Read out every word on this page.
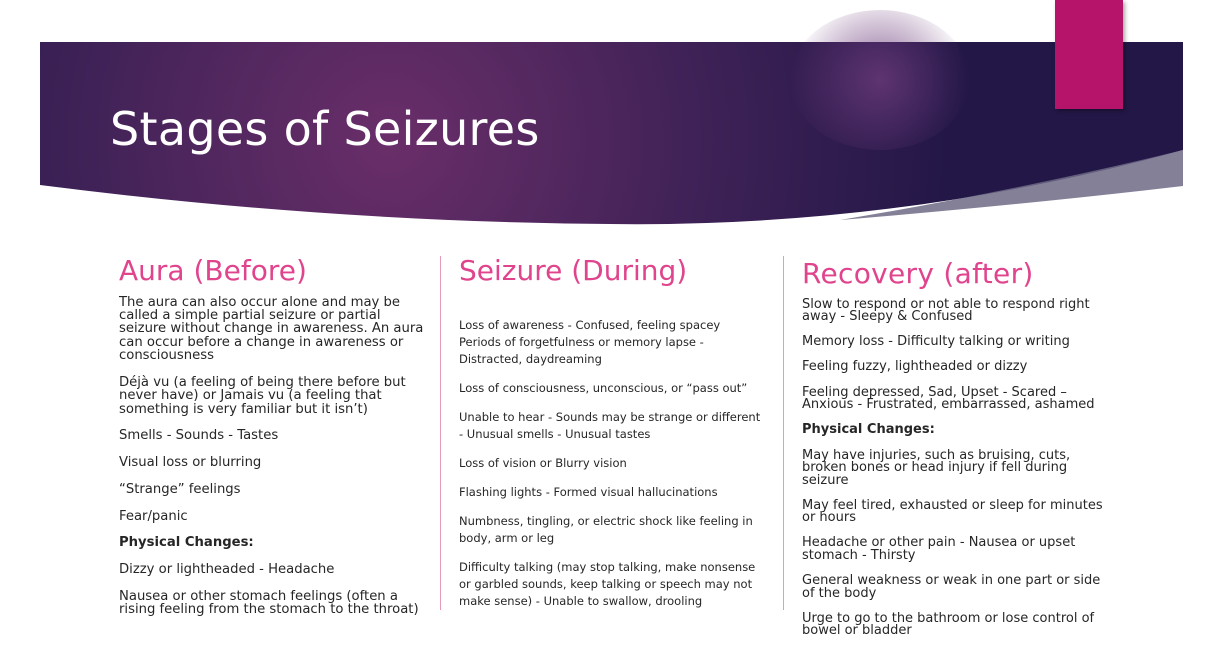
Stages of Seizures
Aura (Before)
The aura can also occur alone and may be called a simple partial seizure or partial seizure without change in awareness. An aura can occur before a change in awareness or consciousness
Déjà vu (a feeling of being there before but never have) or Jamais vu (a feeling that something is very familiar but it isn’t)
Smells - Sounds - Tastes
Visual loss or blurring
“Strange” feelings
Fear/panic
Physical Changes:
Dizzy or lightheaded - Headache
Nausea or other stomach feelings (often a rising feeling from the stomach to the throat)
Seizure (During)
Loss of awareness - Confused, feeling spacey Periods of forgetfulness or memory lapse - Distracted, daydreaming
Loss of consciousness, unconscious, or “pass out”
Unable to hear - Sounds may be strange or different - Unusual smells - Unusual tastes
Loss of vision or Blurry vision
Flashing lights - Formed visual hallucinations
Numbness, tingling, or electric shock like feeling in body, arm or leg
Difficulty talking (may stop talking, make nonsense or garbled sounds, keep talking or speech may not make sense) - Unable to swallow, drooling
Recovery (after)
Slow to respond or not able to respond right away - Sleepy & Confused
Memory loss - Difficulty talking or writing
Feeling fuzzy, lightheaded or dizzy
Feeling depressed, Sad, Upset - Scared – Anxious - Frustrated, embarrassed, ashamed
Physical Changes:
May have injuries, such as bruising, cuts, broken bones or head injury if fell during seizure
May feel tired, exhausted or sleep for minutes or hours
Headache or other pain - Nausea or upset stomach - Thirsty
General weakness or weak in one part or side of the body
Urge to go to the bathroom or lose control of bowel or bladder
